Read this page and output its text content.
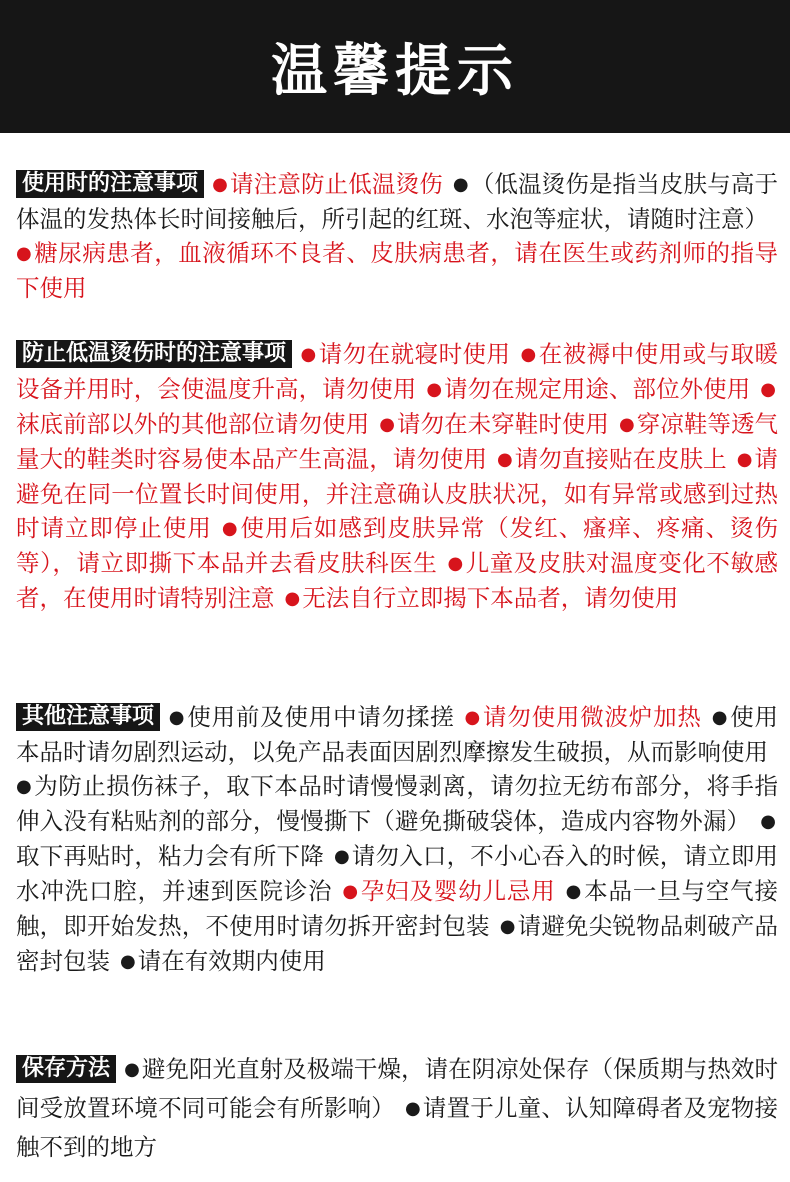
温馨提示
使用时的注意事项 ●请注意防止低温烫伤 ●（低温烫伤是指当皮肤与高于体温的发热体长时间接触后，所引起的红斑、水泡等症状，请随时注意）●糖尿病患者，血液循环不良者、皮肤病患者，请在医生或药剂师的指导下使用
防止低温烫伤时的注意事项 ●请勿在就寝时使用 ●在被褥中使用或与取暖设备并用时，会使温度升高，请勿使用 ●请勿在规定用途、部位外使用 ●袜底前部以外的其他部位请勿使用 ●请勿在未穿鞋时使用 ●穿凉鞋等透气量大的鞋类时容易使本品产生高温，请勿使用 ●请勿直接贴在皮肤上 ●请避免在同一位置长时间使用，并注意确认皮肤状况，如有异常或感到过热时请立即停止使用 ●使用后如感到皮肤异常（发红、瘙痒、疼痛、烫伤等），请立即撕下本品并去看皮肤科医生 ●儿童及皮肤对温度变化不敏感者，在使用时请特别注意 ●无法自行立即揭下本品者，请勿使用
其他注意事项 ●使用前及使用中请勿揉搓 ●请勿使用微波炉加热 ●使用本品时请勿剧烈运动，以免产品表面因剧烈摩擦发生破损，从而影响使用●为防止损伤袜子，取下本品时请慢慢剥离，请勿拉无纺布部分，将手指伸入没有粘贴剂的部分，慢慢撕下（避免撕破袋体，造成内容物外漏） ●取下再贴时，粘力会有所下降 ●请勿入口，不小心吞入的时候，请立即用水冲洗口腔，并速到医院诊治 ●孕妇及婴幼儿忌用 ●本品一旦与空气接触，即开始发热，不使用时请勿拆开密封包装 ●请避免尖锐物品刺破产品密封包装 ●请在有效期内使用
保存方法 ●避免阳光直射及极端干燥，请在阴凉处保存（保质期与热效时间受放置环境不同可能会有所影响） ●请置于儿童、认知障碍者及宠物接触不到的地方
